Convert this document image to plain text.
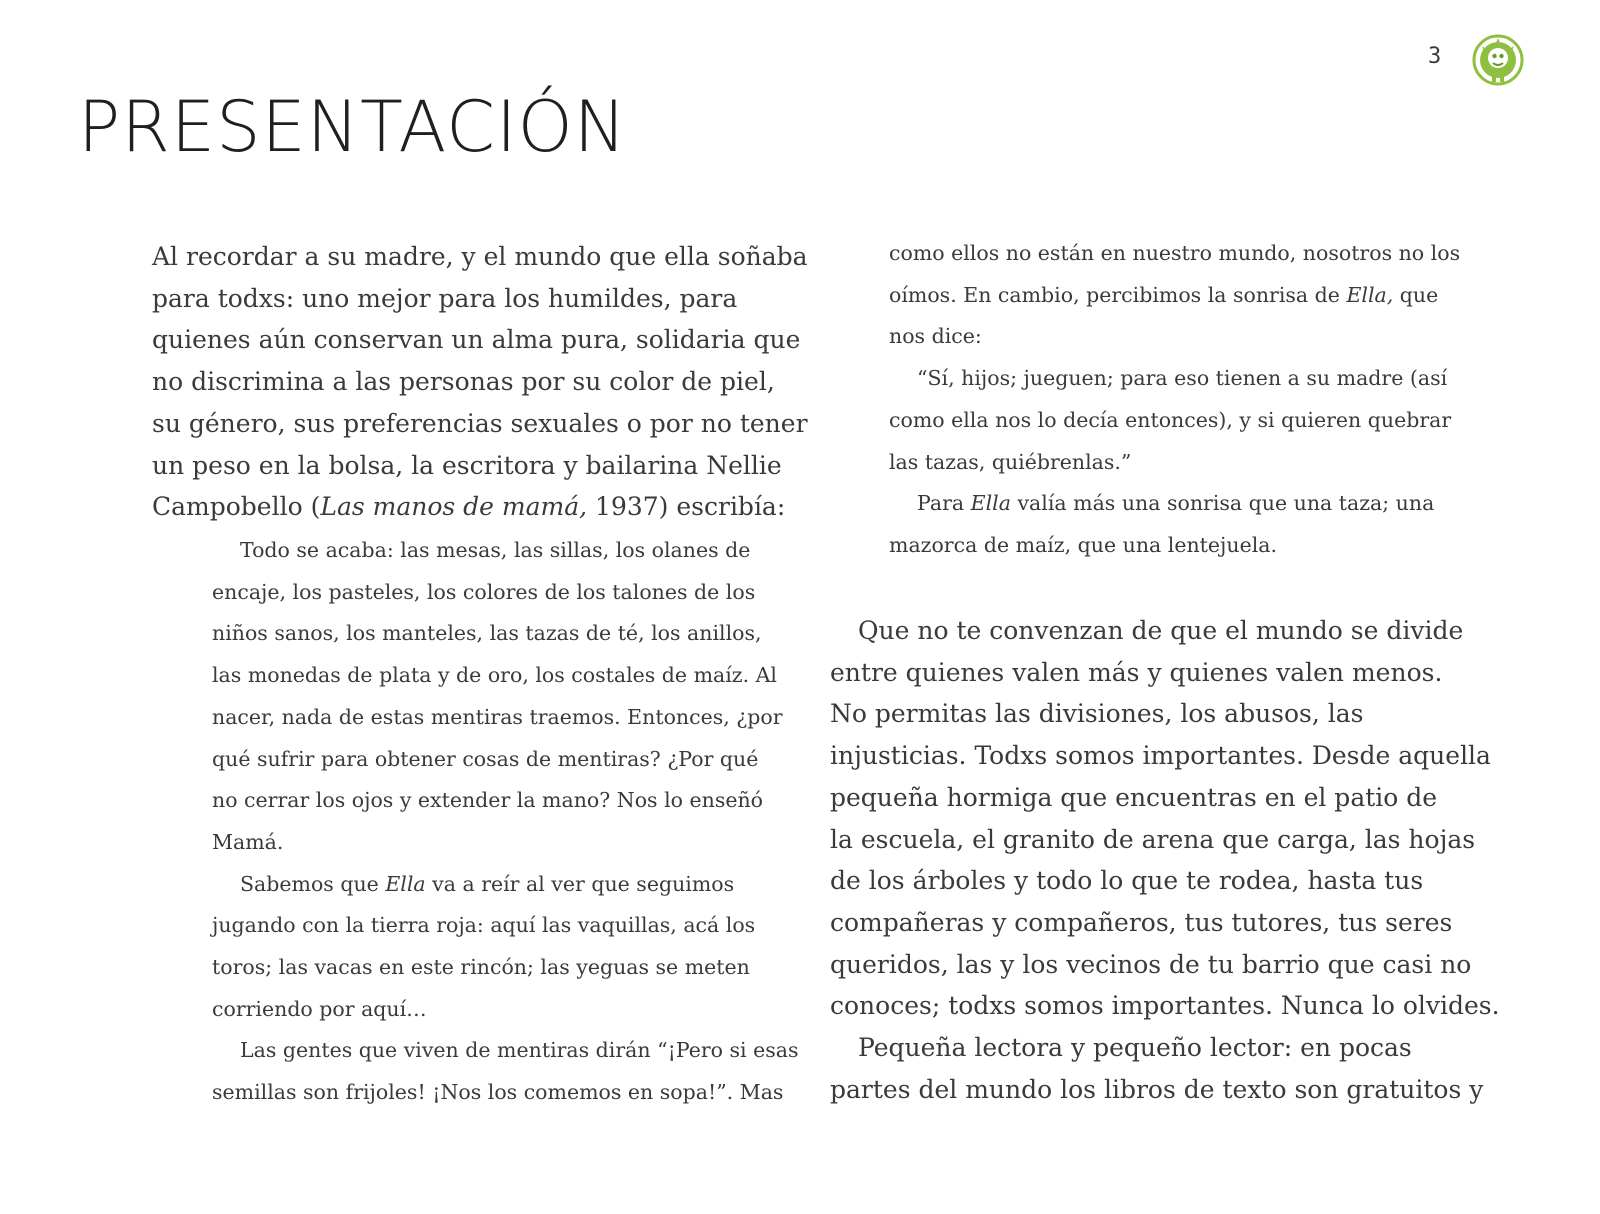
3
PRESENTACIÓN
Al recordar a su madre, y el mundo que ella soñaba
para todxs: uno mejor para los humildes, para
quienes aún conservan un alma pura, solidaria que
no discrimina a las personas por su color de piel,
su género, sus preferencias sexuales o por no tener
un peso en la bolsa, la escritora y bailarina Nellie
Campobello (Las manos de mamá, 1937) escribía:
Todo se acaba: las mesas, las sillas, los olanes de
encaje, los pasteles, los colores de los talones de los
niños sanos, los manteles, las tazas de té, los anillos,
las monedas de plata y de oro, los costales de maíz. Al
nacer, nada de estas mentiras traemos. Entonces, ¿por
qué sufrir para obtener cosas de mentiras? ¿Por qué
no cerrar los ojos y extender la mano? Nos lo enseñó
Mamá.
Sabemos que Ella va a reír al ver que seguimos
jugando con la tierra roja: aquí las vaquillas, acá los
toros; las vacas en este rincón; las yeguas se meten
corriendo por aquí…
Las gentes que viven de mentiras dirán “¡Pero si esas
semillas son frijoles! ¡Nos los comemos en sopa!”. Mas
como ellos no están en nuestro mundo, nosotros no los
oímos. En cambio, percibimos la sonrisa de Ella, que
nos dice:
“Sí, hijos; jueguen; para eso tienen a su madre (así
como ella nos lo decía entonces), y si quieren quebrar
las tazas, quiébrenlas.”
Para Ella valía más una sonrisa que una taza; una
mazorca de maíz, que una lentejuela.
Que no te convenzan de que el mundo se divide
entre quienes valen más y quienes valen menos.
No permitas las divisiones, los abusos, las
injusticias. Todxs somos importantes. Desde aquella
pequeña hormiga que encuentras en el patio de
la escuela, el granito de arena que carga, las hojas
de los árboles y todo lo que te rodea, hasta tus
compañeras y compañeros, tus tutores, tus seres
queridos, las y los vecinos de tu barrio que casi no
conoces; todxs somos importantes. Nunca lo olvides.
Pequeña lectora y pequeño lector: en pocas
partes del mundo los libros de texto son gratuitos y
